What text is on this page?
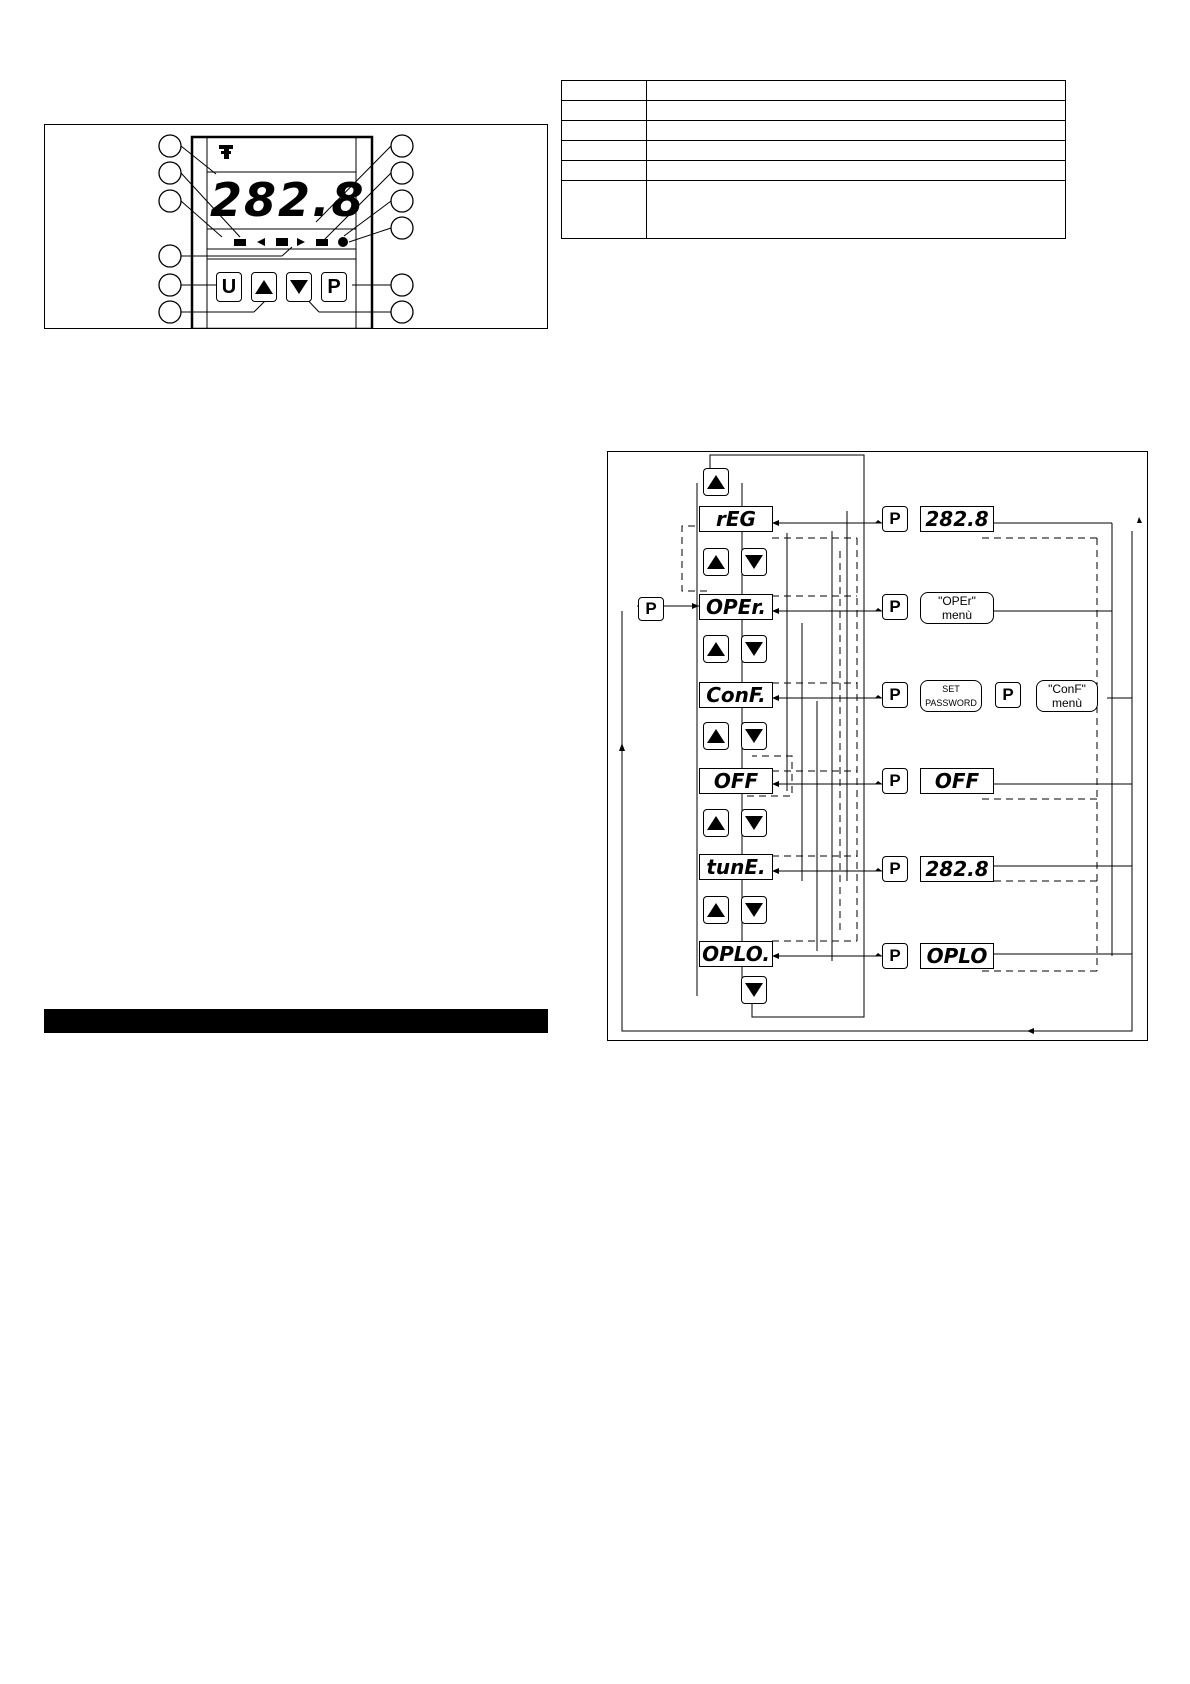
282.8
U	P

P
rEG
OPEr.
ConF.
OFF
tunE.
OPLO.
P
P
P	P
P
P
P
282.8
"OPEr"
menù
SET
PASSWORD
"ConF"
menù
OFF
282.8
OPLO
